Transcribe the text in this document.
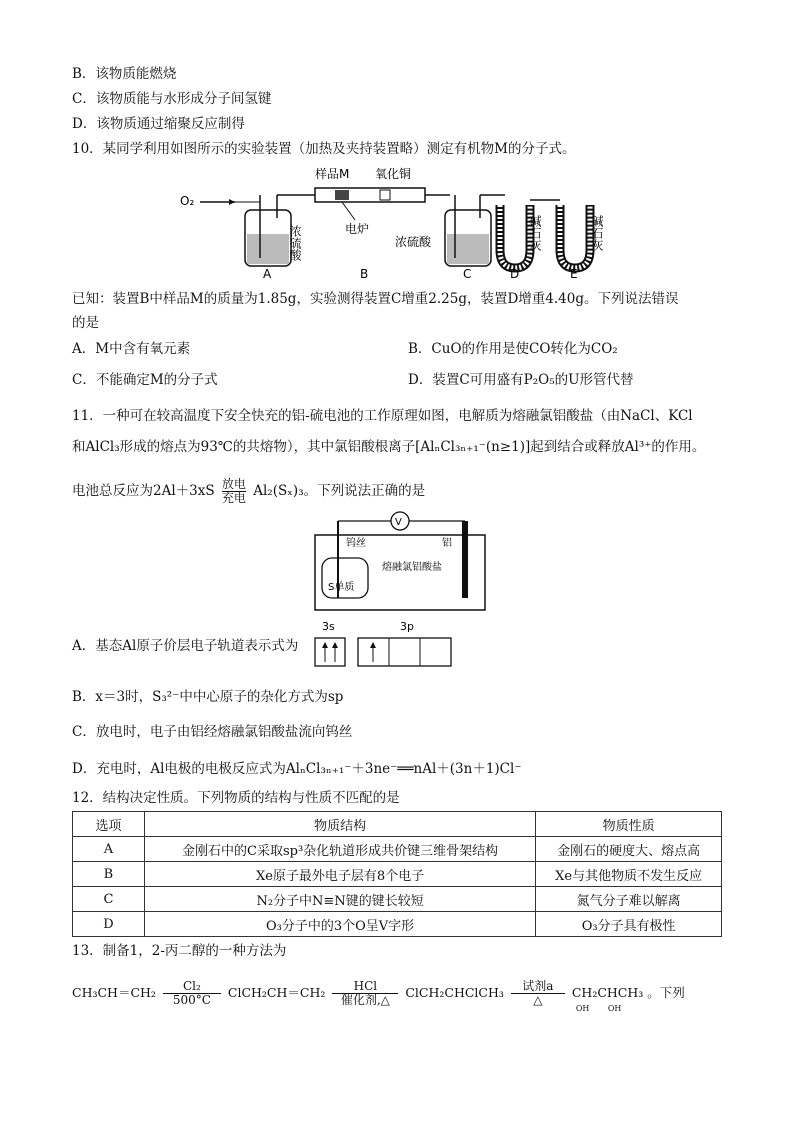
B．该物质能燃烧
C．该物质能与水形成分子间氢键
D．该物质通过缩聚反应制得
10．某同学利用如图所示的实验装置（加热及夹持装置略）测定有机物M的分子式。
O₂
浓硫酸
样品M 氧化铜
电炉
浓硫酸	碱石灰	碱石灰
A	B	C	D	E
已知：装置B中样品M的质量为1.85g，实验测得装置C增重2.25g，装置D增重4.40g。下列说法错误
的是
A．M中含有氧元素	B．CuO的作用是使CO转化为CO₂
C．不能确定M的分子式	D．装置C可用盛有P₂O₅的U形管代替
11．一种可在较高温度下安全快充的铝-硫电池的工作原理如图，电解质为熔融氯铝酸盐（由NaCl、KCl
和AlCl₃形成的熔点为93℃的共熔物），其中氯铝酸根离子[AlₙCl₃ₙ₊₁⁻(n≥1)]起到结合或释放Al³⁺的作用。
电池总反应为$2Al+3xS \frac{\text{放电}}{\text{充电}} Al_2(S_x)_3$。下列说法正确的是
V
钨丝	铝
S单质
熔融氯铝酸盐
A．基态Al原子价层电子轨道表示式为
3s	3p
B．x＝3时，S₃²⁻中中心原子的杂化方式为sp
C．放电时，电子由铝经熔融氯铝酸盐流向钨丝
D．充电时，Al电极的电极反应式为AlₙCl₃ₙ₊₁⁻＋3ne⁻══nAl＋(3n＋1)Cl⁻
12．结构决定性质。下列物质的结构与性质不匹配的是
选项	物质结构	物质性质
A	金刚石中的C采取sp³杂化轨道形成共价键三维骨架结构	金刚石的硬度大、熔点高
B	Xe原子最外电子层有8个电子	Xe与其他物质不发生反应
C	N₂分子中N≡N键的键长较短	氮气分子难以解离
D	O₃分子中的3个O呈V字形	O₃分子具有极性
13．制备1，2-丙二醇的一种方法为
$CH_3CH=CH_2 \frac{\text{Cl₂}}{500^\circ C}$ ClCH₂CH＝CH₂ $\frac{\text{HCl}}{\text{催化剂,△}}$ ClCH₂CHClCH₃ $\frac{\text{试剂a}}{\triangle}$ CH₂CHCH₃
OH OH
。下列
